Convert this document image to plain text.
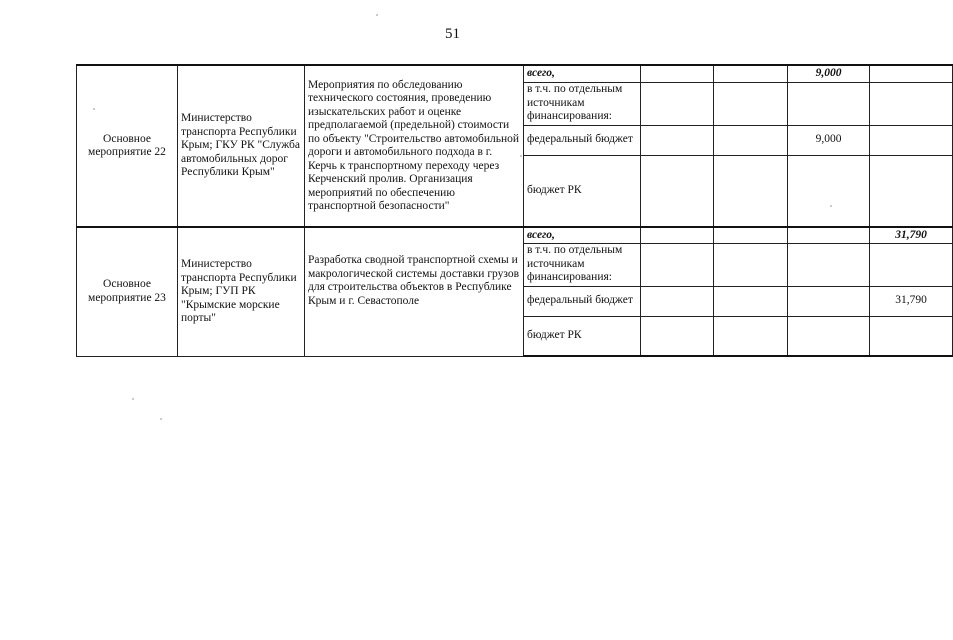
51
Основное мероприятие 22	Министерство транспорта Республики Крым; ГКУ РК "Служба автомобильных дорог Республики Крым"	Мероприятия по обследованию технического состояния, проведению изыскательских работ и оценке предполагаемой (предельной) стоимости по объекту "Строительство автомобильной дороги и автомобильного подхода в г. Керчь к транспортному переходу через Керченский пролив. Организация мероприятий по обеспечению транспортной безопасности"	всего,			9,000	
			в т.ч. по отдельным источникам финансирования:				
			федеральный бюджет			9,000	
			бюджет РК				
Основное мероприятие 23	Министерство транспорта Республики Крым; ГУП РК "Крымские морские порты"	Разработка сводной транспортной схемы и макрологической системы доставки грузов для строительства объектов в Республике Крым и г. Севастополе	всего,				31,790
			в т.ч. по отдельным источникам финансирования:				
			федеральный бюджет				31,790
			бюджет РК				
